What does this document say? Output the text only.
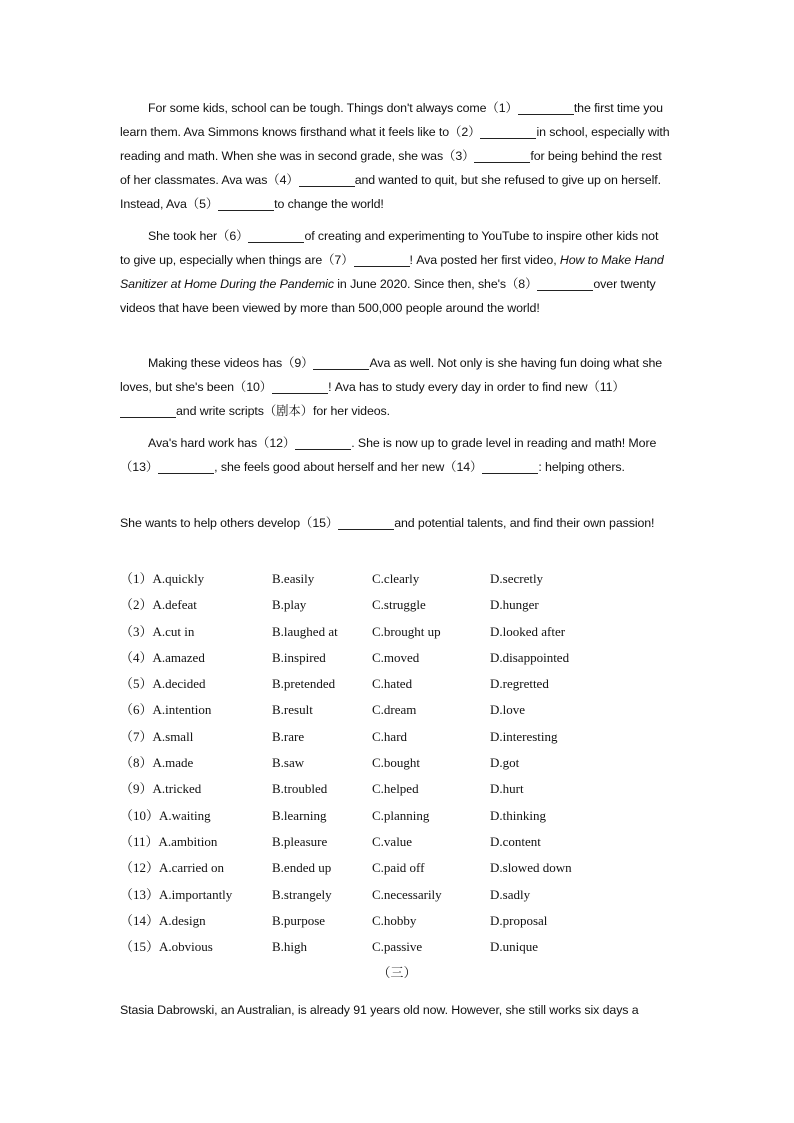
For some kids, school can be tough. Things don't always come（1）	the first time you learn them. Ava Simmons knows firsthand what it feels like to（2）	in school, especially with reading and math. When she was in second grade, she was（3）	for being behind the rest of her classmates. Ava was（4）	and wanted to quit, but she refused to give up on herself. Instead, Ava（5）	to change the world!

She took her（6）	of creating and experimenting to YouTube to inspire other kids not to give up, especially when things are（7）	! Ava posted her first video, How to Make Hand Sanitizer at Home During the Pandemic in June 2020. Since then, she's（8）	over twenty videos that have been viewed by more than 500,000 people around the world!

Making these videos has（9）	Ava as well. Not only is she having fun doing what she loves, but she's been（10）	! Ava has to study every day in order to find new（11）and write scripts（剧本）for her videos.

Ava's hard work has（12）	. She is now up to grade level in reading and math! More（13）	, she feels good about herself and her new（14）	: helping others.

She wants to help others develop（15）	and potential talents, and find their own passion!

（1）A.quickly	B.easily	C.clearly	D.secretly
（2）A.defeat	B.play	C.struggle	D.hunger
（3）A.cut in	B.laughed at	C.brought up	D.looked after
（4）A.amazed	B.inspired	C.moved	D.disappointed
（5）A.decided	B.pretended	C.hated	D.regretted
（6）A.intention	B.result	C.dream	D.love
（7）A.small	B.rare	C.hard	D.interesting
（8）A.made	B.saw	C.bought	D.got
（9）A.tricked	B.troubled	C.helped	D.hurt
（10）A.waiting	B.learning	C.planning	D.thinking
（11）A.ambition	B.pleasure	C.value	D.content
（12）A.carried on	B.ended up	C.paid off	D.slowed down
（13）A.importantly	B.strangely	C.necessarily	D.sadly
（14）A.design	B.purpose	C.hobby	D.proposal
（15）A.obvious	B.high	C.passive	D.unique
（三）

Stasia Dabrowski, an Australian, is already 91 years old now. However, she still works six days a
